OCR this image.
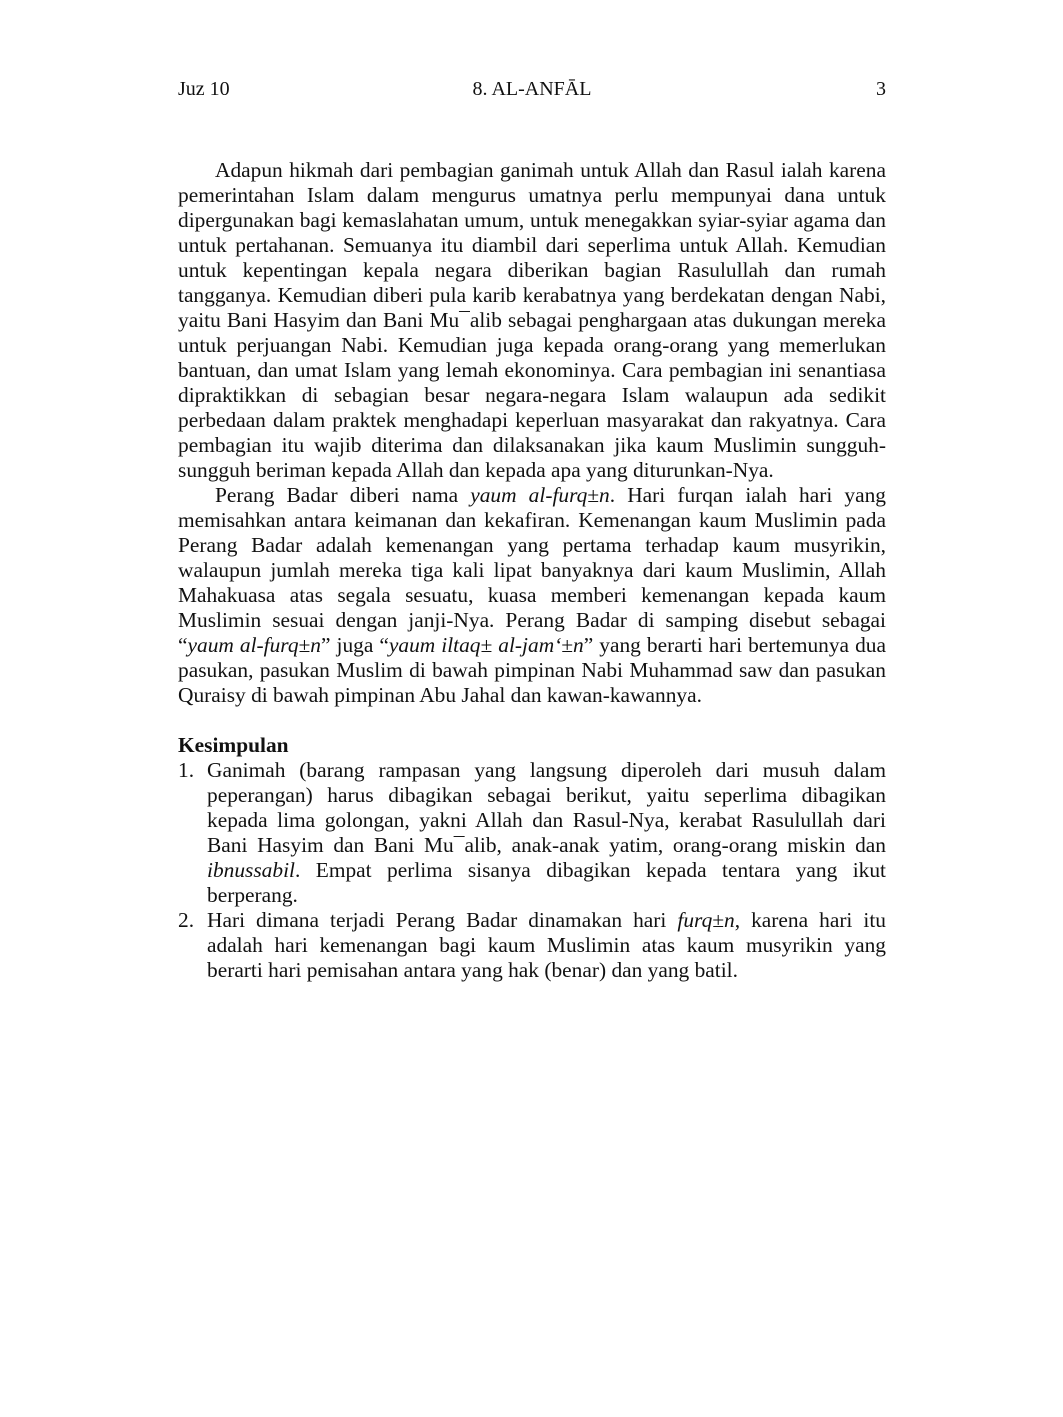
Juz 10	8. AL-ANFĀL	3

Adapun hikmah dari pembagian ganimah untuk Allah dan Rasul ialah karena pemerintahan Islam dalam mengurus umatnya perlu mempunyai dana untuk dipergunakan bagi kemaslahatan umum, untuk menegakkan syiar-syiar agama dan untuk pertahanan. Semuanya itu diambil dari seperlima untuk Allah. Kemudian untuk kepentingan kepala negara diberikan bagian Rasulullah dan rumah tangganya. Kemudian diberi pula karib kerabatnya yang berdekatan dengan Nabi, yaitu Bani Hasyim dan Bani Mu¯alib sebagai penghargaan atas dukungan mereka untuk perjuangan Nabi. Kemudian juga kepada orang-orang yang memerlukan bantuan, dan umat Islam yang lemah ekonominya. Cara pembagian ini senantiasa dipraktikkan di sebagian besar negara-negara Islam walaupun ada sedikit perbedaan dalam praktek menghadapi keperluan masyarakat dan rakyatnya. Cara pembagian itu wajib diterima dan dilaksanakan jika kaum Muslimin sungguh-sungguh beriman kepada Allah dan kepada apa yang diturunkan-Nya.

Perang Badar diberi nama yaum al-furq±n. Hari furqan ialah hari yang memisahkan antara keimanan dan kekafiran. Kemenangan kaum Muslimin pada Perang Badar adalah kemenangan yang pertama terhadap kaum musyrikin, walaupun jumlah mereka tiga kali lipat banyaknya dari kaum Muslimin, Allah Mahakuasa atas segala sesuatu, kuasa memberi kemenangan kepada kaum Muslimin sesuai dengan janji-Nya. Perang Badar di samping disebut sebagai “yaum al-furq±n” juga “yaum iltaq± al-jam‘±n” yang berarti hari bertemunya dua pasukan, pasukan Muslim di bawah pimpinan Nabi Muhammad saw dan pasukan Quraisy di bawah pimpinan Abu Jahal dan kawan-kawannya.

Kesimpulan
1. Ganimah (barang rampasan yang langsung diperoleh dari musuh dalam peperangan) harus dibagikan sebagai berikut, yaitu seperlima dibagikan kepada lima golongan, yakni Allah dan Rasul-Nya, kerabat Rasulullah dari Bani Hasyim dan Bani Mu¯alib, anak-anak yatim, orang-orang miskin dan ibnussabil. Empat perlima sisanya dibagikan kepada tentara yang ikut berperang.
2. Hari dimana terjadi Perang Badar dinamakan hari furq±n, karena hari itu adalah hari kemenangan bagi kaum Muslimin atas kaum musyrikin yang berarti hari pemisahan antara yang hak (benar) dan yang batil.
